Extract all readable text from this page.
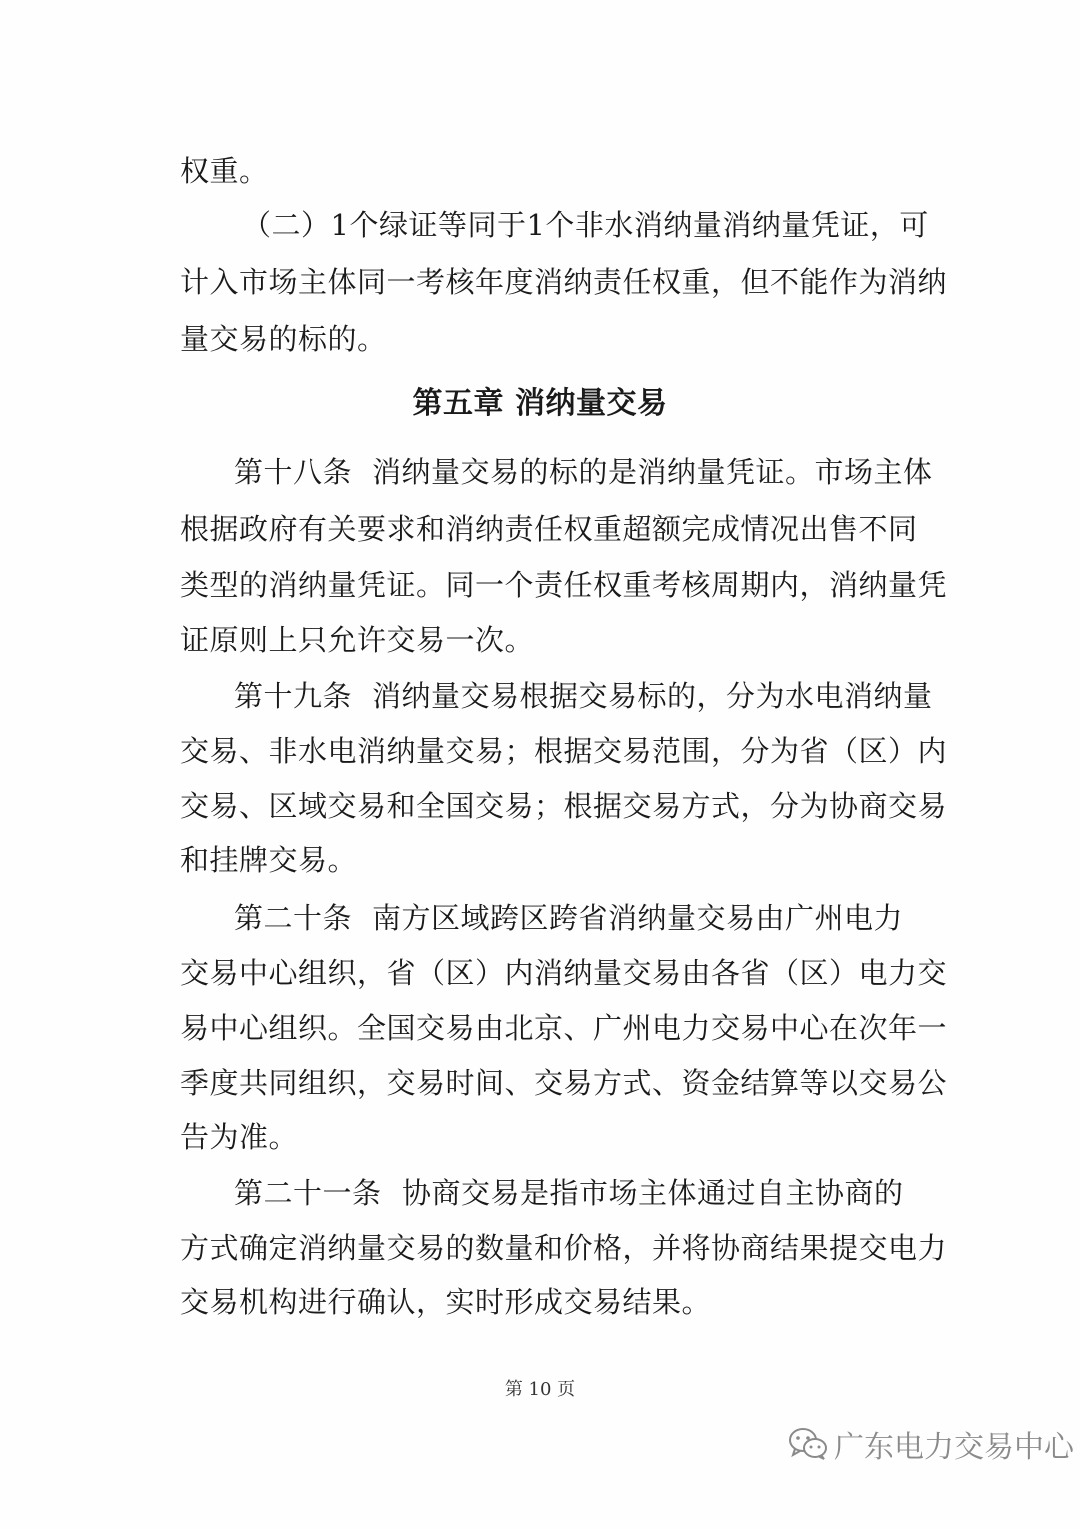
权重。
（二）1个绿证等同于1个非水消纳量消纳量凭证，可
计入市场主体同一考核年度消纳责任权重，但不能作为消纳
量交易的标的。
第五章 消纳量交易
第十八条 消纳量交易的标的是消纳量凭证。市场主体
根据政府有关要求和消纳责任权重超额完成情况出售不同
类型的消纳量凭证。同一个责任权重考核周期内，消纳量凭
证原则上只允许交易一次。
第十九条 消纳量交易根据交易标的，分为水电消纳量
交易、非水电消纳量交易；根据交易范围，分为省（区）内
交易、区域交易和全国交易；根据交易方式，分为协商交易
和挂牌交易。
第二十条 南方区域跨区跨省消纳量交易由广州电力
交易中心组织，省（区）内消纳量交易由各省（区）电力交
易中心组织。全国交易由北京、广州电力交易中心在次年一
季度共同组织，交易时间、交易方式、资金结算等以交易公
告为准。
第二十一条 协商交易是指市场主体通过自主协商的
方式确定消纳量交易的数量和价格，并将协商结果提交电力
交易机构进行确认，实时形成交易结果。
第 10 页
广东电力交易中心
